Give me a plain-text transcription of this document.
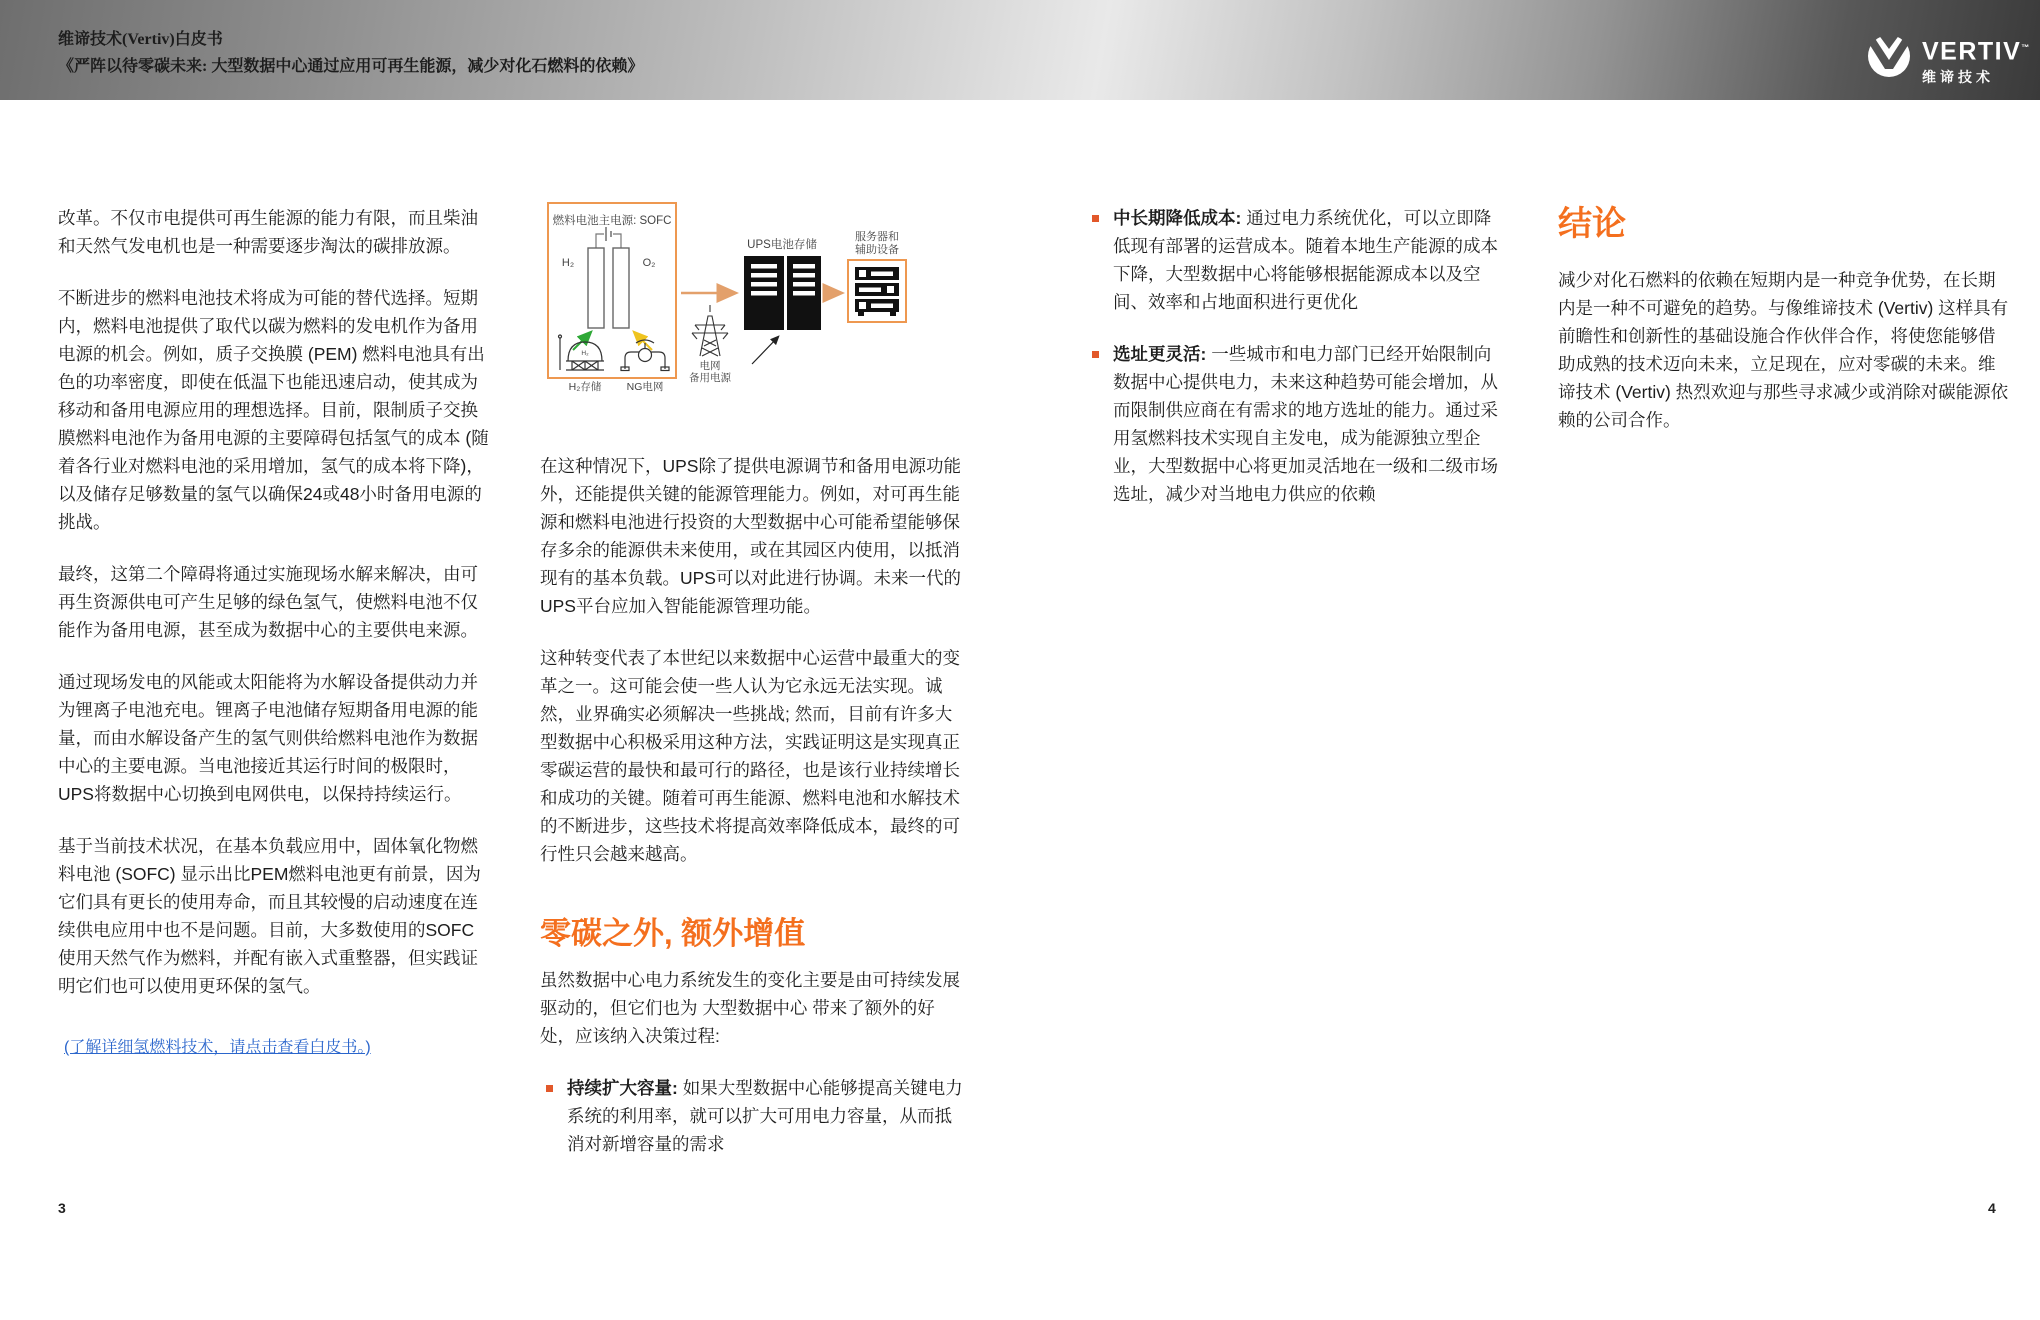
维谛技术(Vertiv)白皮书
《严阵以待零碳未来: 大型数据中心通过应用可再生能源，减少对化石燃料的依赖》
VERTIV™
维谛技术

改革。不仅市电提供可再生能源的能力有限，而且柴油和天然气发电机也是一种需要逐步淘汰的碳排放源。

不断进步的燃料电池技术将成为可能的替代选择。短期内，燃料电池提供了取代以碳为燃料的发电机作为备用电源的机会。例如，质子交换膜 (PEM) 燃料电池具有出色的功率密度，即使在低温下也能迅速启动，使其成为移动和备用电源应用的理想选择。目前，限制质子交换膜燃料电池作为备用电源的主要障碍包括氢气的成本 (随着各行业对燃料电池的采用增加，氢气的成本将下降)，以及储存足够数量的氢气以确保24或48小时备用电源的挑战。

最终，这第二个障碍将通过实施现场水解来解决，由可再生资源供电可产生足够的绿色氢气，使燃料电池不仅能作为备用电源，甚至成为数据中心的主要供电来源。

通过现场发电的风能或太阳能将为水解设备提供动力并为锂离子电池充电。锂离子电池储存短期备用电源的能量，而由水解设备产生的氢气则供给燃料电池作为数据中心的主要电源。当电池接近其运行时间的极限时，UPS将数据中心切换到电网供电，以保持持续运行。

基于当前技术状况，在基本负载应用中，固体氧化物燃料电池 (SOFC) 显示出比PEM燃料电池更有前景，因为它们具有更长的使用寿命，而且其较慢的启动速度在连续供电应用中也不是问题。目前，大多数使用的SOFC使用天然气作为燃料，并配有嵌入式重整器，但实践证明它们也可以使用更环保的氢气。

(了解详细氢燃料技术，请点击查看白皮书。)
燃料电池主电源: SOFC
H₂	O₂
H₂
H₂存储 NG电网
电网
备用电源
UPS电池存储
服务器和
辅助设备

在这种情况下，UPS除了提供电源调节和备用电源功能外，还能提供关键的能源管理能力。例如，对可再生能源和燃料电池进行投资的大型数据中心可能希望能够保存多余的能源供未来使用，或在其园区内使用，以抵消现有的基本负载。UPS可以对此进行协调。未来一代的UPS平台应加入智能能源管理功能。

这种转变代表了本世纪以来数据中心运营中最重大的变革之一。这可能会使一些人认为它永远无法实现。诚然，业界确实必须解决一些挑战; 然而，目前有许多大型数据中心积极采用这种方法，实践证明这是实现真正零碳运营的最快和最可行的路径，也是该行业持续增长和成功的关键。随着可再生能源、燃料电池和水解技术的不断进步，这些技术将提高效率降低成本，最终的可行性只会越来越高。

零碳之外, 额外增值

虽然数据中心电力系统发生的变化主要是由可持续发展驱动的，但它们也为 大型数据中心 带来了额外的好处，应该纳入决策过程:

持续扩大容量: 如果大型数据中心能够提高关键电力系统的利用率，就可以扩大可用电力容量，从而抵消对新增容量的需求
中长期降低成本: 通过电力系统优化，可以立即降低现有部署的运营成本。随着本地生产能源的成本下降，大型数据中心将能够根据能源成本以及空间、效率和占地面积进行更优化
选址更灵活: 一些城市和电力部门已经开始限制向数据中心提供电力，未来这种趋势可能会增加，从而限制供应商在有需求的地方选址的能力。通过采用氢燃料技术实现自主发电，成为能源独立型企业，大型数据中心将更加灵活地在一级和二级市场选址，减少对当地电力供应的依赖
结论

减少对化石燃料的依赖在短期内是一种竞争优势，在长期内是一种不可避免的趋势。与像维谛技术 (Vertiv) 这样具有前瞻性和创新性的基础设施合作伙伴合作，将使您能够借助成熟的技术迈向未来，立足现在，应对零碳的未来。维谛技术 (Vertiv) 热烈欢迎与那些寻求减少或消除对碳能源依赖的公司合作。

3	4
